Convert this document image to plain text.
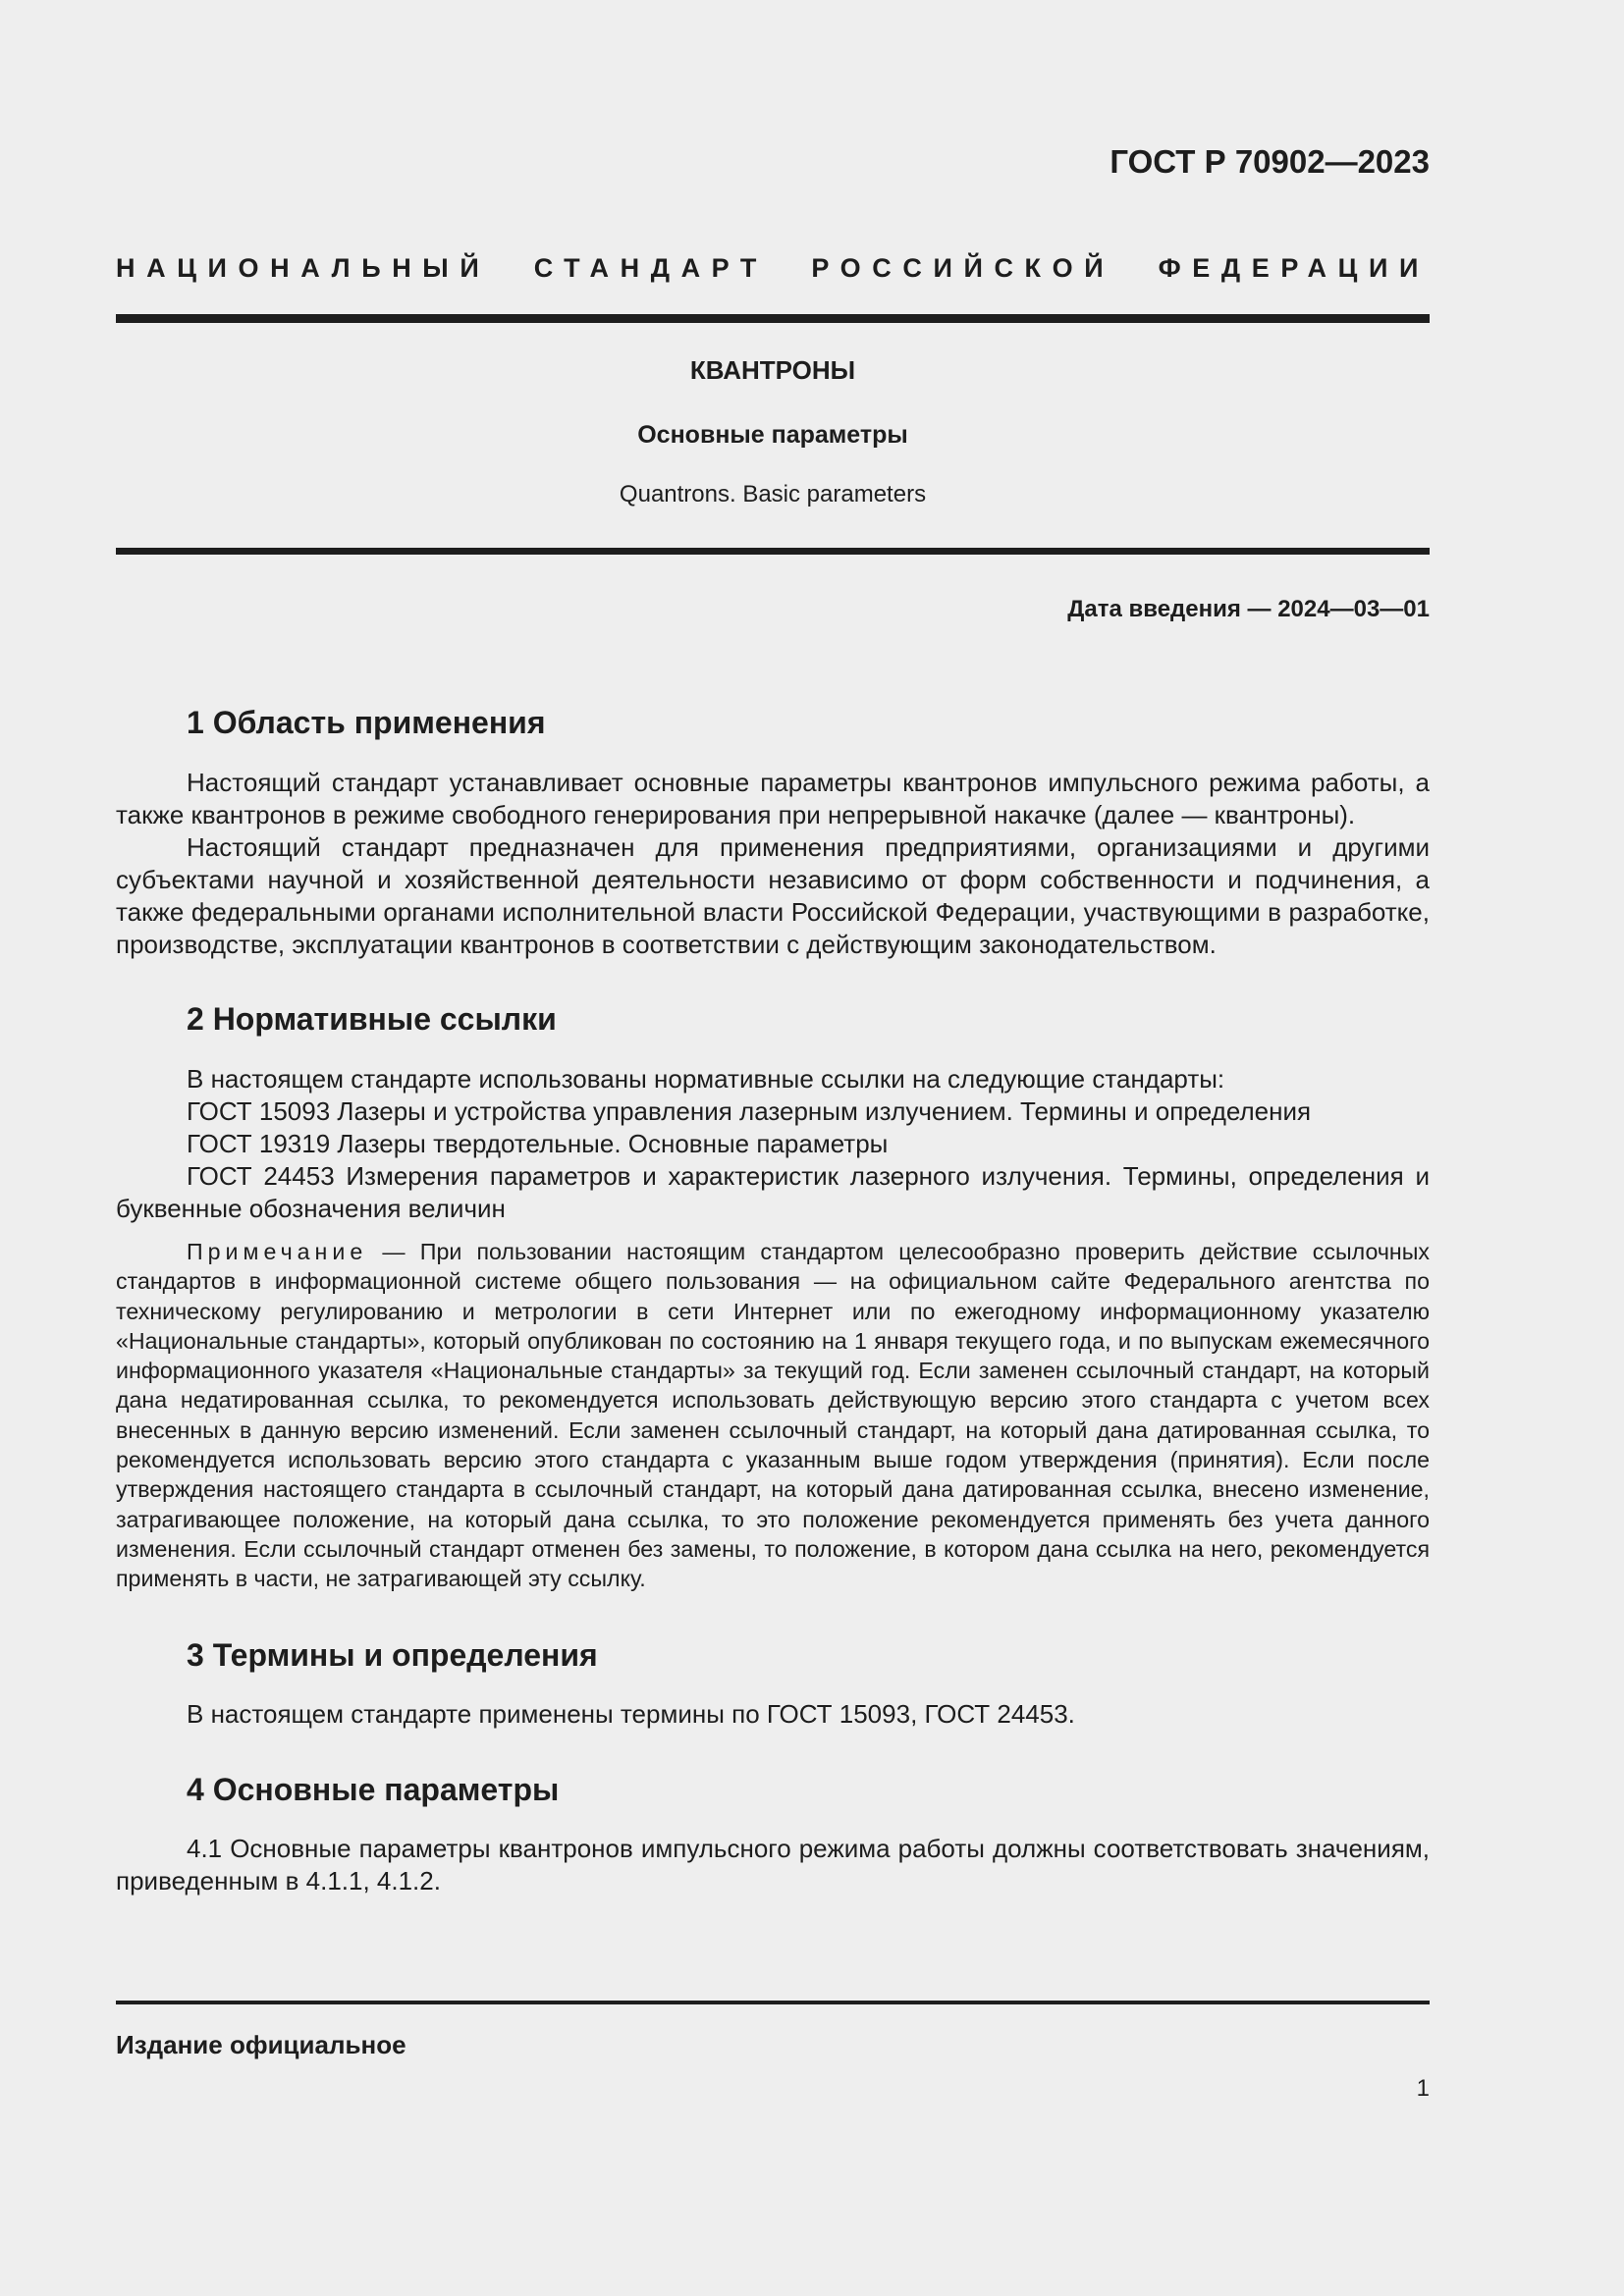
ГОСТ Р 70902—2023

НАЦИОНАЛЬНЫЙ СТАНДАРТ РОССИЙСКОЙ ФЕДЕРАЦИИ

КВАНТРОНЫ

Основные параметры

Quantrons. Basic parameters

Дата введения — 2024—03—01

1 Область применения

Настоящий стандарт устанавливает основные параметры квантронов импульсного режима работы, а также квантронов в режиме свободного генерирования при непрерывной накачке (далее — квантроны).

Настоящий стандарт предназначен для применения предприятиями, организациями и другими субъектами научной и хозяйственной деятельности независимо от форм собственности и подчинения, а также федеральными органами исполнительной власти Российской Федерации, участвующими в разработке, производстве, эксплуатации квантронов в соответствии с действующим законодательством.

2 Нормативные ссылки

В настоящем стандарте использованы нормативные ссылки на следующие стандарты:

ГОСТ 15093 Лазеры и устройства управления лазерным излучением. Термины и определения

ГОСТ 19319 Лазеры твердотельные. Основные параметры

ГОСТ 24453 Измерения параметров и характеристик лазерного излучения. Термины, определения и буквенные обозначения величин

Примечание — При пользовании настоящим стандартом целесообразно проверить действие ссылочных стандартов в информационной системе общего пользования — на официальном сайте Федерального агентства по техническому регулированию и метрологии в сети Интернет или по ежегодному информационному указателю «Национальные стандарты», который опубликован по состоянию на 1 января текущего года, и по выпускам ежемесячного информационного указателя «Национальные стандарты» за текущий год. Если заменен ссылочный стандарт, на который дана недатированная ссылка, то рекомендуется использовать действующую версию этого стандарта с учетом всех внесенных в данную версию изменений. Если заменен ссылочный стандарт, на который дана датированная ссылка, то рекомендуется использовать версию этого стандарта с указанным выше годом утверждения (принятия). Если после утверждения настоящего стандарта в ссылочный стандарт, на который дана датированная ссылка, внесено изменение, затрагивающее положение, на который дана ссылка, то это положение рекомендуется применять без учета данного изменения. Если ссылочный стандарт отменен без замены, то положение, в котором дана ссылка на него, рекомендуется применять в части, не затрагивающей эту ссылку.

3 Термины и определения

В настоящем стандарте применены термины по ГОСТ 15093, ГОСТ 24453.

4 Основные параметры

4.1 Основные параметры квантронов импульсного режима работы должны соответствовать значениям, приведенным в 4.1.1, 4.1.2.

Издание официальное

1
